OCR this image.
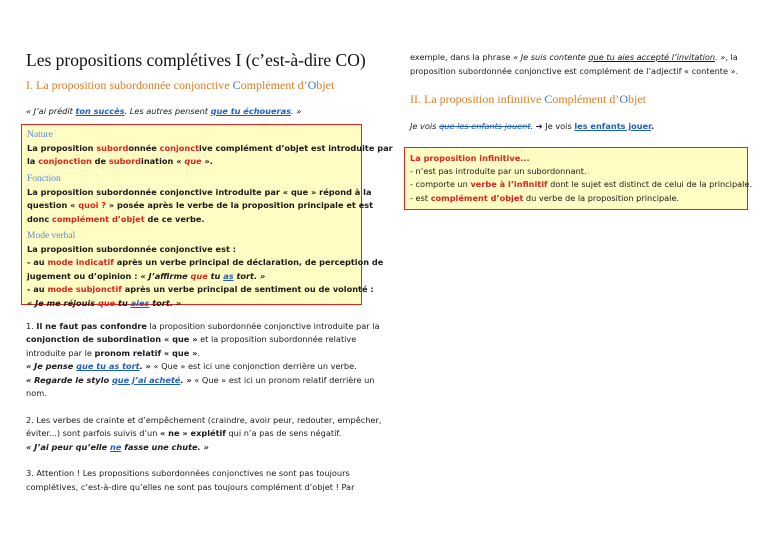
Les propositions complétives I (c’est-à-dire CO)
I. La proposition subordonnée conjonctive Complément d’Objet
« J’ai prédit ton succès. Les autres pensent que tu échoueras. »
Nature
La proposition subordonnée conjonctive complément d’objet est introduite par
la conjonction de subordination « que ».
Fonction
La proposition subordonnée conjonctive introduite par « que » répond à la
question « quoi ? » posée après le verbe de la proposition principale et est
donc complément d’objet de ce verbe.
Mode verbal
La proposition subordonnée conjonctive est :
- au mode indicatif après un verbe principal de déclaration, de perception de
jugement ou d’opinion : « J’affirme que tu as tort. »
- au mode subjonctif après un verbe principal de sentiment ou de volonté :
« Je me réjouis que tu aies tort. »

1. Il ne faut pas confondre la proposition subordonnée conjonctive introduite par la
conjonction de subordination « que » et la proposition subordonnée relative
introduite par le pronom relatif « que ».
« Je pense que tu as tort. » « Que » est ici une conjonction derrière un verbe.
« Regarde le stylo que j’ai acheté. » « Que » est ici un pronom relatif derrière un
nom.

2. Les verbes de crainte et d’empêchement (craindre, avoir peur, redouter, empêcher,
éviter...) sont parfois suivis d’un « ne » explétif qui n’a pas de sens négatif.
« J’ai peur qu’elle ne fasse une chute. »

3. Attention ! Les propositions subordonnées conjonctives ne sont pas toujours
complétives, c’est-à-dire qu’elles ne sont pas toujours complément d’objet ! Par

exemple, dans la phrase « Je suis contente que tu aies accepté l’invitation. », la
proposition subordonnée conjonctive est complément de l’adjectif « contente ».
II. La proposition infinitive Complément d’Objet
Je vois que les enfants jouent. ➔ Je vois les enfants jouer.
La proposition infinitive...
- n’est pas introduite par un subordonnant.
- comporte un verbe à l’infinitif dont le sujet est distinct de celui de la principale.
- est complément d’objet du verbe de la proposition principale.
